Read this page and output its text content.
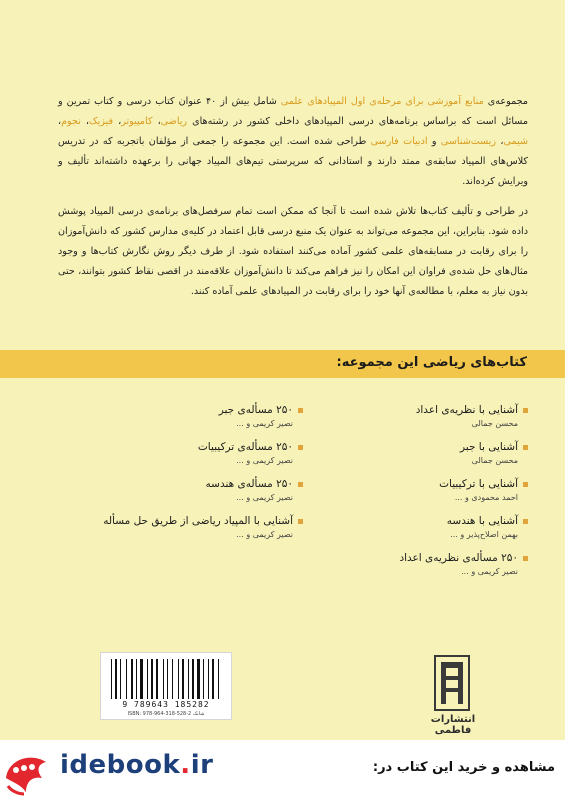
مجموعه‌ی منابع آموزشی برای مرحله‌ی اول المپیادهای علمی شامل بیش از ۴۰ عنوان کتاب درسی و کتاب تمرین و مسائل است که براساس برنامه‌های درسی المپیادهای داخلی کشور در رشته‌های ریاضی، کامپیوتر، فیزیک، نجوم، شیمی، زیست‌شناسی و ادبیات فارسی طراحی شده است. این مجموعه را جمعی از مؤلفان باتجربه که در تدریس کلاس‌های المپیاد سابقه‌ی ممتد دارند و استادانی که سرپرستی تیم‌های المپیاد جهانی را برعهده داشته‌اند تألیف و ویرایش کرده‌اند.

در طراحی و تألیف کتاب‌ها تلاش شده است تا آنجا که ممکن است تمام سرفصل‌های برنامه‌ی درسی المپیاد پوشش داده شود. بنابراین، این مجموعه می‌تواند به عنوان یک منبع درسی قابل اعتماد در کلیه‌ی مدارس کشور که دانش‌آموزان را برای رقابت در مسابقه‌های علمی کشور آماده می‌کنند استفاده شود. از طرف دیگر روش نگارش کتاب‌ها و وجود مثال‌های حل شده‌ی فراوان این امکان را نیز فراهم می‌کند تا دانش‌آموزان علاقه‌مند در اقصی نقاط کشور بتوانند، حتی بدون نیاز به معلم، با مطالعه‌ی آنها خود را برای رقابت در المپیادهای علمی آماده کنند.

کتاب‌های ریاضی این مجموعه:
آشنایی با نظریه‌ی اعداد
محسن جمالی
آشنایی با جبر
محسن جمالی
آشنایی با ترکیبیات
احمد محمودی و ...
آشنایی با هندسه
بهمن اصلاح‌پذیر و ...
۲۵۰ مسأله‌ی نظریه‌ی اعداد
نصیر کریمی و ...
۲۵۰ مسأله‌ی جبر
نصیر کریمی و ...
۲۵۰ مسأله‌ی ترکیبیات
نصیر کریمی و ...
۲۵۰ مسأله‌ی هندسه
نصیر کریمی و ...
آشنایی با المپیاد ریاضی از طریق حل مسأله
نصیر کریمی و ...
9 789643 185282
ISBN: 978-964-318-528-2 شابک	انتشارات فاطمی
idebook.ir	مشاهده و خرید این کتاب در:
